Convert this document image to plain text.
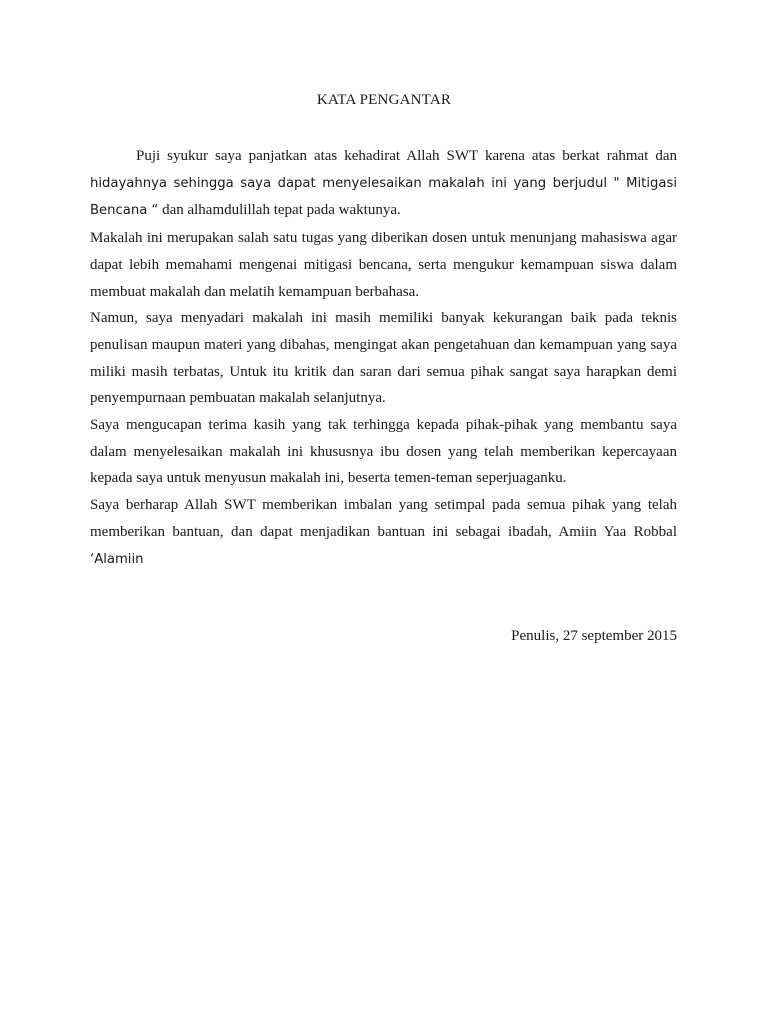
KATA PENGANTAR

Puji syukur saya panjatkan atas kehadirat Allah SWT karena atas berkat rahmat dan hidayahnya sehingga saya dapat menyelesaikan makalah ini yang berjudul " Mitigasi Bencana “ dan alhamdulillah tepat pada waktunya.

Makalah ini merupakan salah satu tugas yang diberikan dosen untuk menunjang mahasiswa agar dapat lebih memahami mengenai mitigasi bencana, serta mengukur kemampuan siswa dalam membuat makalah dan melatih kemampuan berbahasa.

Namun, saya menyadari makalah ini masih memiliki banyak kekurangan baik pada teknis penulisan maupun materi yang dibahas, mengingat akan pengetahuan dan kemampuan yang saya miliki masih terbatas, Untuk itu kritik dan saran dari semua pihak sangat saya harapkan demi penyempurnaan pembuatan makalah selanjutnya.

Saya mengucapan terima kasih yang tak terhingga kepada pihak-pihak yang membantu saya dalam menyelesaikan makalah ini khususnya ibu dosen yang telah memberikan kepercayaan kepada saya untuk menyusun makalah ini, beserta temen-teman seperjuaganku.

Saya berharap Allah SWT memberikan imbalan yang setimpal pada semua pihak yang telah memberikan bantuan, dan dapat menjadikan bantuan ini sebagai ibadah, Amiin Yaa Robbal ‘Alamiin

Penulis, 27 september 2015
